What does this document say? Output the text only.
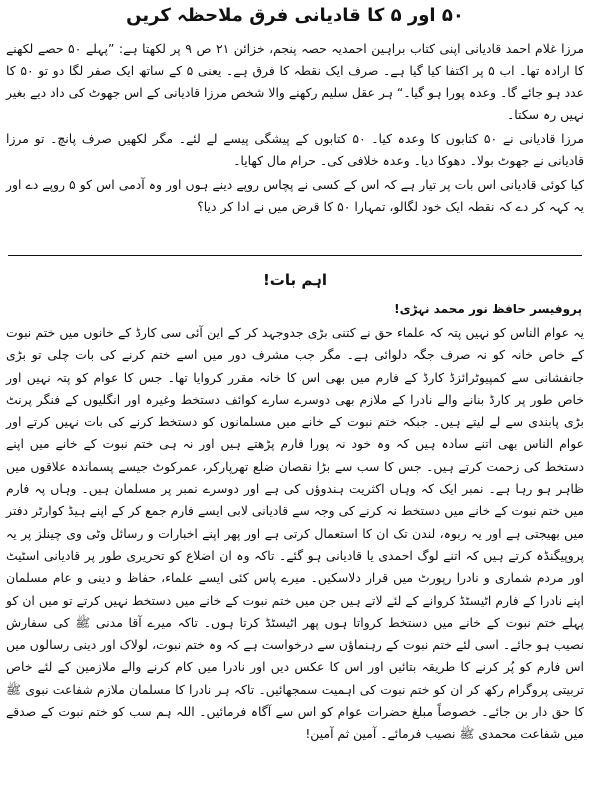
۵۰ اور ۵ کا قادیانی فرق ملاحظہ کریں

مرزا غلام احمد قادیانی اپنی کتاب براہین احمدیہ حصہ پنجم، خزائن ۲۱ ص ۹ پر لکھتا ہے: ”پہلے ۵۰ حصے لکھنے کا ارادہ تھا۔ اب ۵ پر اکتفا کیا گیا ہے۔ صرف ایک نقطہ کا فرق ہے۔ یعنی ۵ کے ساتھ ایک صفر لگا دو تو ۵۰ کا عدد ہو جائے گا۔ وعدہ پورا ہو گیا۔“ ہر عقل سلیم رکھنے والا شخص مرزا قادیانی کے اس جھوٹ کی داد دیے بغیر نہیں رہ سکتا۔

مرزا قادیانی نے ۵۰ کتابوں کا وعدہ کیا۔ ۵۰ کتابوں کے پیشگی پیسے لے لئے۔ مگر لکھیں صرف پانچ۔ تو مرزا قادیانی نے جھوٹ بولا۔ دھوکا دیا۔ وعدہ خلافی کی۔ حرام مال کھایا۔

کیا کوئی قادیانی اس بات پر تیار ہے کہ اس کے کسی نے پچاس روپے دینے ہوں اور وہ آدمی اس کو ۵ روپے دے اور یہ کہہ کر دے کہ نقطہ ایک خود لگالو، تمہارا ۵۰ کا قرض میں نے ادا کر دیا؟

اہم بات!
پروفیسر حافظ نور محمد نہڑی!

یہ عوام الناس کو نہیں پتہ کہ علماء حق نے کتنی بڑی جدوجہد کر کے این آئی سی کارڈ کے خانوں میں ختم نبوت کے خاص خانہ کو نہ صرف جگہ دلوائی ہے۔ مگر جب مشرف دور میں اسے ختم کرنے کی بات چلی تو بڑی جانفشانی سے کمپیوٹرائزڈ کارڈ کے فارم میں بھی اس کا خانہ مقرر کروایا تھا۔ جس کا عوام کو پتہ نہیں اور خاص طور پر کارڈ بنانے والے نادرا کے ملازم بھی دوسرے سارے کوائف دستخط وغیرہ اور انگلیوں کے فنگر پرنٹ بڑی پابندی سے لے لیتے ہیں۔ جبکہ ختم نبوت کے خانے میں مسلمانوں کو دستخط کرنے کی بات نہیں کرتے اور عوام الناس بھی اتنے سادہ ہیں کہ وہ خود نہ پورا فارم پڑھتے ہیں اور نہ ہی ختم نبوت کے خانے میں اپنے دستخط کی زحمت کرتے ہیں۔ جس کا سب سے بڑا نقصان ضلع تھرپارکر، عمرکوٹ جیسے پسماندہ علاقوں میں ظاہر ہو رہا ہے۔ نمبر ایک کہ وہاں اکثریت ہندوؤں کی ہے اور دوسرے نمبر پر مسلمان ہیں۔ وہاں پہ فارم میں ختم نبوت کے خانے میں دستخط نہ کرنے کی وجہ سے قادیانی لابی ایسے فارم جمع کر کے اپنے ہیڈ کوارٹر دفتر میں بھیجتی ہے اور یہ ربوہ، لندن تک ان کا استعمال کرتی ہے اور پھر اپنے اخبارات و رسائل وٹی وی چینلز پر یہ پروپیگنڈہ کرتے ہیں کہ اتنے لوگ احمدی یا قادیانی ہو گئے۔ تاکہ وہ ان اضلاع کو تحریری طور پر قادیانی اسٹیٹ اور مردم شماری و نادرا رپورٹ میں قرار دلاسکیں۔ میرے پاس کئی ایسے علماء، حفاظ و دینی و عام مسلمان اپنے نادرا کے فارم اٹیسٹڈ کروانے کے لئے لاتے ہیں جن میں ختم نبوت کے خانے میں دستخط نہیں کرتے تو میں ان کو پہلے ختم نبوت کے خانے میں دستخط کرواتا ہوں پھر اٹیسٹڈ کرتا ہوں۔ تاکہ میرے آقا مدنی ﷺ کی سفارش نصیب ہو جائے۔ اسی لئے ختم نبوت کے رہنماؤں سے درخواست ہے کہ وہ ختم نبوت، لولاک اور دینی رسالوں میں اس فارم کو پُر کرنے کا طریقہ بتائیں اور اس کا عکس دیں اور نادرا میں کام کرنے والے ملازمین کے لئے خاص تربیتی پروگرام رکھ کر ان کو ختم نبوت کی اہمیت سمجھائیں۔ تاکہ ہر نادرا کا مسلمان ملازم شفاعت نبوی ﷺ کا حق دار بن جائے۔ خصوصاً مبلغ حضرات عوام کو اس سے آگاہ فرمائیں۔ اللہ ہم سب کو ختم نبوت کے صدقے میں شفاعت محمدی ﷺ نصیب فرمائے۔ آمین ثم آمین!
